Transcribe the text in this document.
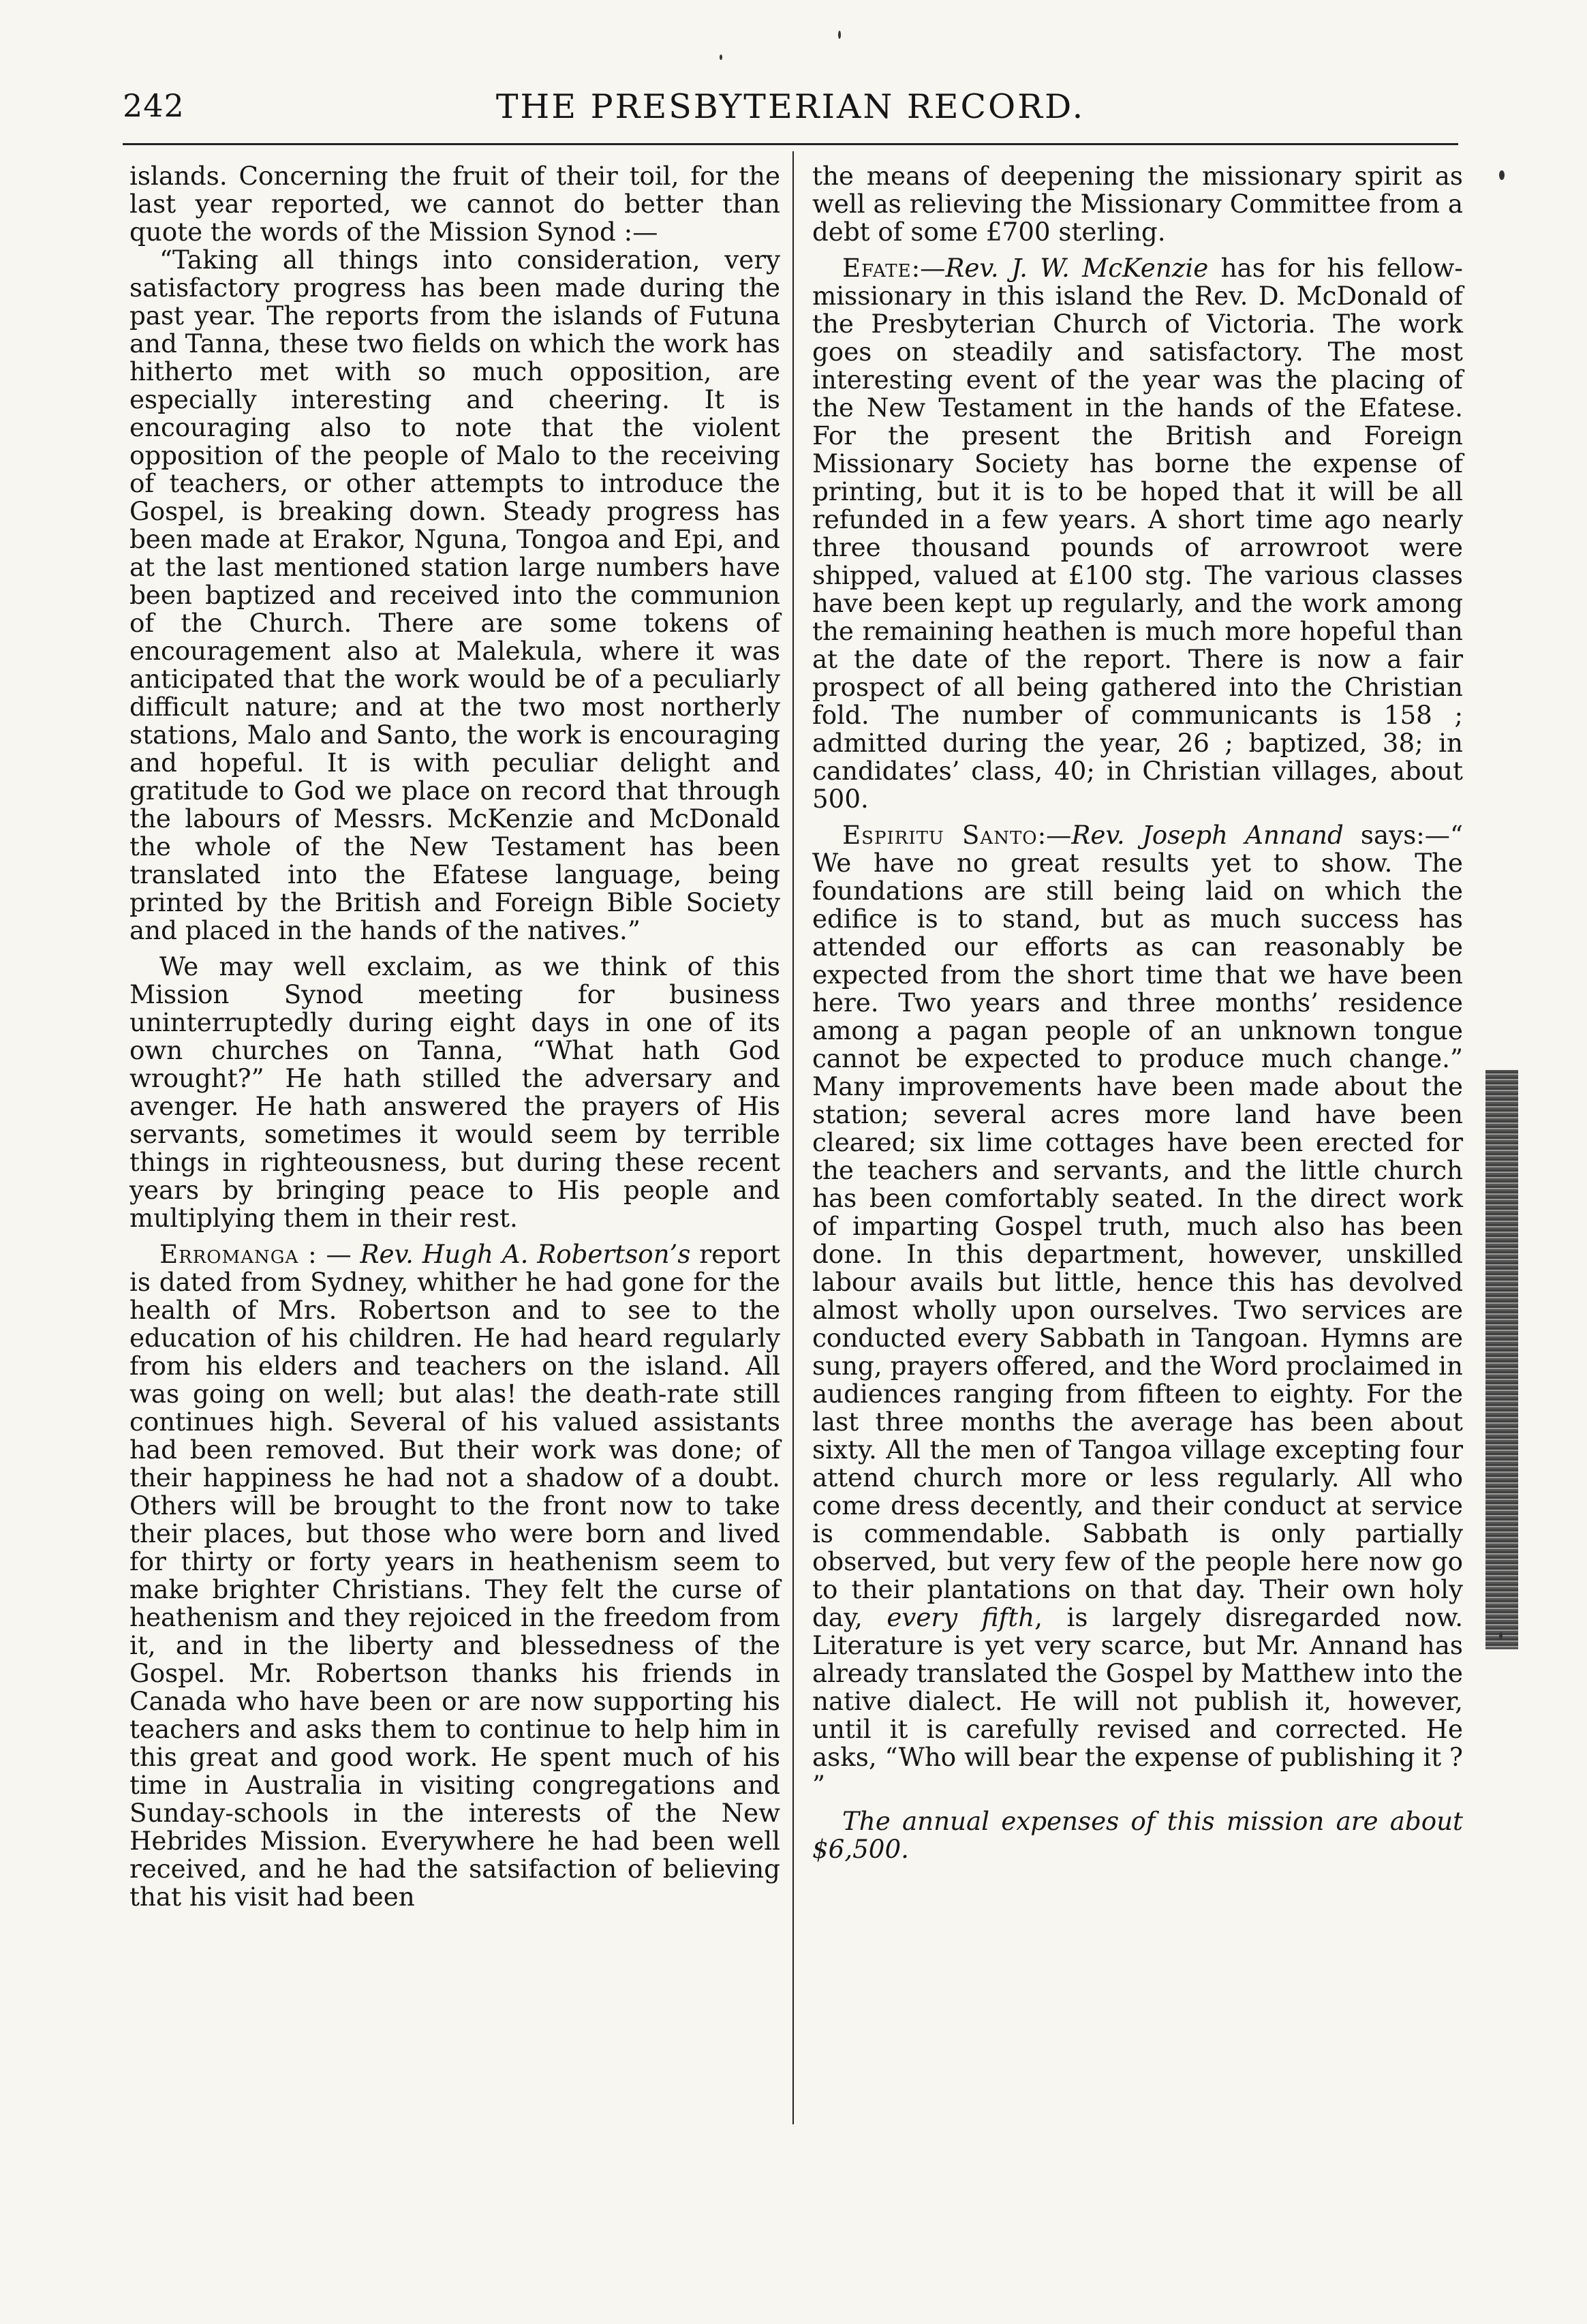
242	THE PRESBYTERIAN RECORD.

islands. Concerning the fruit of their toil, for the last year reported, we cannot do better than quote the words of the Mission Synod :—

“Taking all things into consideration, very satisfactory progress has been made during the past year. The reports from the islands of Futuna and Tanna, these two fields on which the work has hitherto met with so much opposition, are especially interesting and cheering. It is encouraging also to note that the violent opposition of the people of Malo to the receiving of teachers, or other attempts to introduce the Gospel, is breaking down. Steady progress has been made at Erakor, Nguna, Tongoa and Epi, and at the last mentioned station large numbers have been baptized and received into the communion of the Church. There are some tokens of encouragement also at Malekula, where it was anticipated that the work would be of a peculiarly difficult nature; and at the two most northerly stations, Malo and Santo, the work is encouraging and hopeful. It is with peculiar delight and gratitude to God we place on record that through the labours of Messrs. McKenzie and McDonald the whole of the New Testament has been translated into the Efatese language, being printed by the British and Foreign Bible Society and placed in the hands of the natives.”

We may well exclaim, as we think of this Mission Synod meeting for business uninterruptedly during eight days in one of its own churches on Tanna, “What hath God wrought?” He hath stilled the adversary and avenger. He hath answered the prayers of His servants, sometimes it would seem by terrible things in righteousness, but during these recent years by bringing peace to His people and multiplying them in their rest.

Erromanga : — Rev. Hugh A. Robertson’s report is dated from Sydney, whither he had gone for the health of Mrs. Robertson and to see to the education of his children. He had heard regularly from his elders and teachers on the island. All was going on well; but alas! the death-rate still continues high. Several of his valued assistants had been removed. But their work was done; of their happiness he had not a shadow of a doubt. Others will be brought to the front now to take their places, but those who were born and lived for thirty or forty years in heathenism seem to make brighter Christians. They felt the curse of heathenism and they rejoiced in the freedom from it, and in the liberty and blessedness of the Gospel. Mr. Robertson thanks his friends in Canada who have been or are now supporting his teachers and asks them to continue to help him in this great and good work. He spent much of his time in Australia in visiting congregations and Sunday-schools in the interests of the New Hebrides Mission. Everywhere he had been well received, and he had the satsifaction of believing that his visit had been

the means of deepening the missionary spirit as well as relieving the Missionary Committee from a debt of some £700 sterling.

Efate:—Rev. J. W. McKenzie has for his fellow-missionary in this island the Rev. D. McDonald of the Presbyterian Church of Victoria. The work goes on steadily and satisfactory. The most interesting event of the year was the placing of the New Testament in the hands of the Efatese. For the present the British and Foreign Missionary Society has borne the expense of printing, but it is to be hoped that it will be all refunded in a few years. A short time ago nearly three thousand pounds of arrowroot were shipped, valued at £100 stg. The various classes have been kept up regularly, and the work among the remaining heathen is much more hopeful than at the date of the report. There is now a fair prospect of all being gathered into the Christian fold. The number of communicants is 158 ; admitted during the year, 26 ; baptized, 38; in candidates’ class, 40; in Christian villages, about 500.

Espiritu Santo:—Rev. Joseph Annand says:—“ We have no great results yet to show. The foundations are still being laid on which the edifice is to stand, but as much success has attended our efforts as can reasonably be expected from the short time that we have been here. Two years and three months’ residence among a pagan people of an unknown tongue cannot be expected to produce much change.” Many improvements have been made about the station; several acres more land have been cleared; six lime cottages have been erected for the teachers and servants, and the little church has been comfortably seated. In the direct work of imparting Gospel truth, much also has been done. In this department, however, unskilled labour avails but little, hence this has devolved almost wholly upon ourselves. Two services are conducted every Sabbath in Tangoan. Hymns are sung, prayers offered, and the Word proclaimed in audiences ranging from fifteen to eighty. For the last three months the average has been about sixty. All the men of Tangoa village excepting four attend church more or less regularly. All who come dress decently, and their conduct at service is commendable. Sabbath is only partially observed, but very few of the people here now go to their plantations on that day. Their own holy day, every fifth, is largely disregarded now. Literature is yet very scarce, but Mr. Annand has already translated the Gospel by Matthew into the native dialect. He will not publish it, however, until it is carefully revised and corrected. He asks, “Who will bear the expense of publishing it ? ”

The annual expenses of this mission are about $6,500.
